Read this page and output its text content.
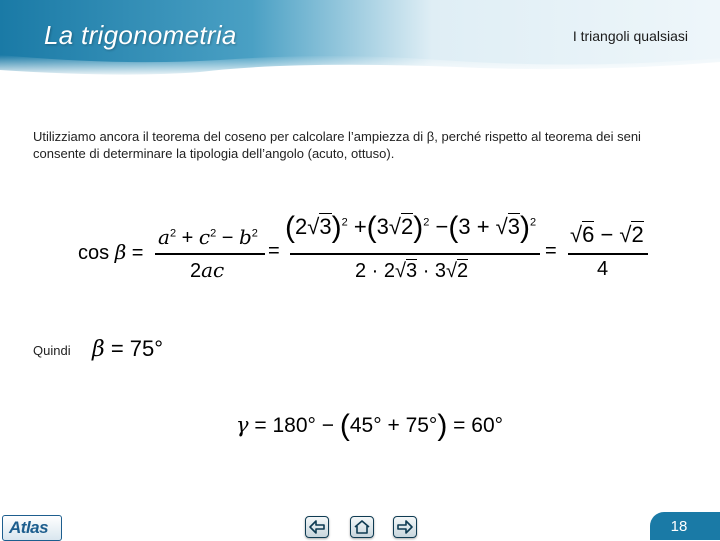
La trigonometria	I triangoli qualsiasi
Utilizziamo ancora il teorema del coseno per calcolare l’ampiezza di β, perché rispetto al teorema dei seni consente di determinare la tipologia dell’angolo (acuto, ottuso).
cos β =
$a^2 + c^2 - b^2$
2ac
=
$(2√3)^2 +(3√2)^2 -(3 + √3)^2$
2 · 2√3 · 3√2
=
√6 − √2
4
Quindi β = 75°
γ = 180° − (45° + 75°) = 60°
Atlas	18
